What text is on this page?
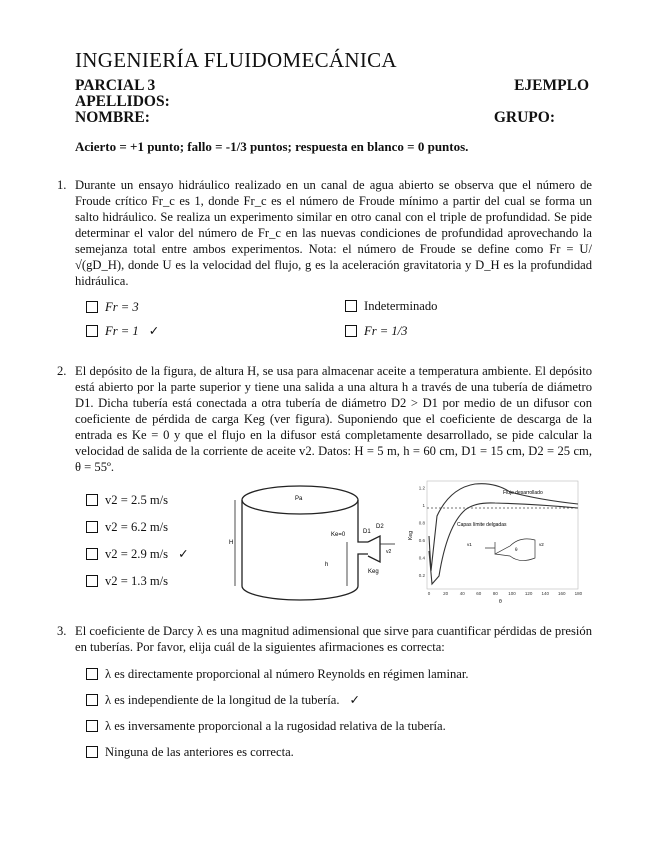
INGENIERÍA FLUIDOMECÁNICA
PARCIAL 3	EJEMPLO
APELLIDOS:
NOMBRE:	GRUPO:
Acierto = +1 punto; fallo = -1/3 puntos; respuesta en blanco = 0 puntos.
1. Durante un ensayo hidráulico realizado en un canal de agua abierto se observa que el número de Froude crítico Fr_c es 1, donde Fr_c es el número de Froude mínimo a partir del cual se forma un salto hidráulico. Se realiza un experimento similar en otro canal con el triple de profundidad. Se pide determinar el valor del número de Fr_c en las nuevas condiciones de profundidad aprovechando la semejanza total entre ambos experimentos. Nota: el número de Froude se define como Fr = U/√(gD_H), donde U es la velocidad del flujo, g es la aceleración gravitatoria y D_H es la profundidad hidráulica.
Fr = 3	Indeterminado
Fr = 1 ✓	Fr = 1/3
2. El depósito de la figura, de altura H, se usa para almacenar aceite a temperatura ambiente. El depósito está abierto por la parte superior y tiene una salida a una altura h a través de una tubería de diámetro D1. Dicha tubería está conectada a otra tubería de diámetro D2 > D1 por medio de un difusor con coeficiente de pérdida de carga Keg (ver figura). Suponiendo que el coeficiente de descarga de la entrada es Ke = 0 y que el flujo en la difusor está completamente desarrollado, se pide calcular la velocidad de salida de la corriente de aceite v2. Datos: H = 5 m, h = 60 cm, D1 = 15 cm, D2 = 25 cm, θ = 55º.
v2 = 2.5 m/s
v2 = 6.2 m/s
v2 = 2.9 m/s ✓
v2 = 1.3 m/s
Pa
H
h
Ke=0	D1
D2
Keg
v2
Flujo desarrollado
Capas límite delgadas
0.2
0.4
0.6
0.8
1
1.2
0	20	40	60	80 100 120 140 160 180
Keg
θ
v1	v2
θ
3. El coeficiente de Darcy λ es una magnitud adimensional que sirve para cuantificar pérdidas de presión en tuberías. Por favor, elija cuál de la siguientes afirmaciones es correcta:
λ es directamente proporcional al número Reynolds en régimen laminar.
λ es independiente de la longitud de la tubería. ✓
λ es inversamente proporcional a la rugosidad relativa de la tubería.
Ninguna de las anteriores es correcta.
